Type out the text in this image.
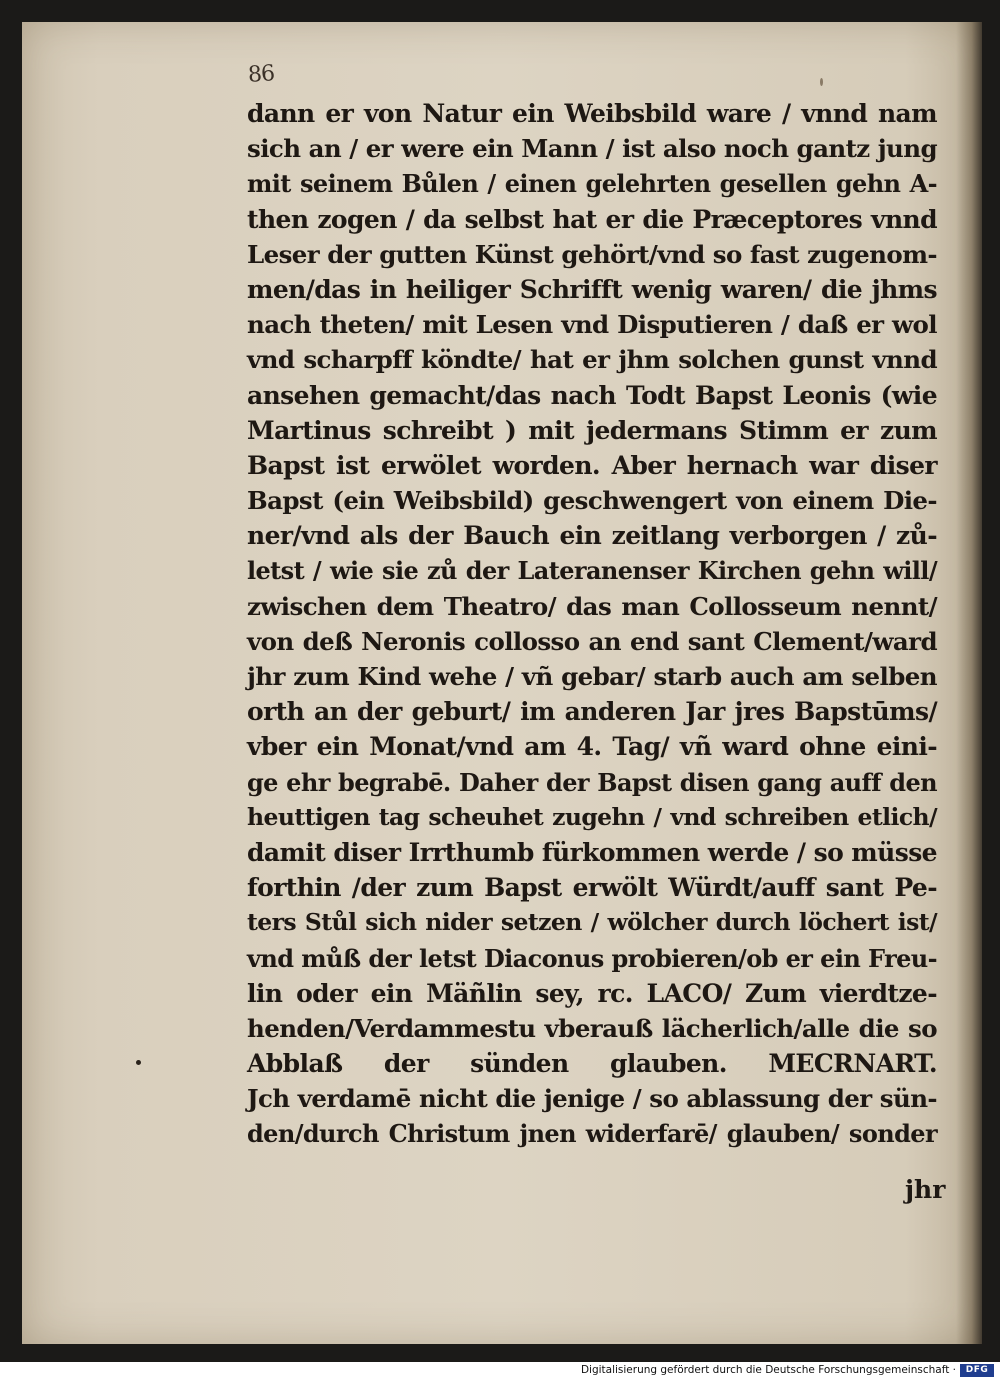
86
dann er von Natur ein Weibsbild ware / vnnd nam
sich an / er were ein Mann / ist also noch gantz jung
mit seinem Bůlen / einen gelehrten gesellen gehn A-
then zogen / da selbst hat er die Præceptores vnnd
Leser der gutten Künst gehört/vnd so fast zugenom-
men/das in heiliger Schrifft wenig waren/ die jhms
nach theten/ mit Lesen vnd Disputieren / daß er wol
vnd scharpff köndte/ hat er jhm solchen gunst vnnd
ansehen gemacht/das nach Todt Bapst Leonis (wie
Martinus schreibt ) mit jedermans Stimm er zum
Bapst ist erwölet worden. Aber hernach war diser
Bapst (ein Weibsbild) geschwengert von einem Die-
ner/vnd als der Bauch ein zeitlang verborgen / zů-
letst / wie sie zů der Lateranenser Kirchen gehn will/
zwischen dem Theatro/ das man Collosseum nennt/
von deß Neronis collosso an end sant Clement/ward
jhr zum Kind wehe / vñ gebar/ starb auch am selben
orth an der geburt/ im anderen Jar jres Bapstūms/
vber ein Monat/vnd am 4. Tag/ vñ ward ohne eini-
ge ehr begrabē. Daher der Bapst disen gang auff den
heuttigen tag scheuhet zugehn / vnd schreiben etlich/
damit diser Irrthumb fürkommen werde / so müsse
forthin /der zum Bapst erwölt Würdt/auff sant Pe-
ters Stůl sich nider setzen / wölcher durch löchert ist/
vnd můß der letst Diaconus probieren/ob er ein Freu-
lin oder ein Mäñlin sey, rc. LACO/ Zum vierdtze-
henden/Verdammestu vberauß lächerlich/alle die so
Abblaß der sünden glauben. MECRNART.
Jch verdamē nicht die jenige / so ablassung der sün-
den/durch Christum jnen widerfarē/ glauben/ sonder
jhr
Digitalisierung gefördert durch die Deutsche Forschungsgemeinschaft ·	DFG
